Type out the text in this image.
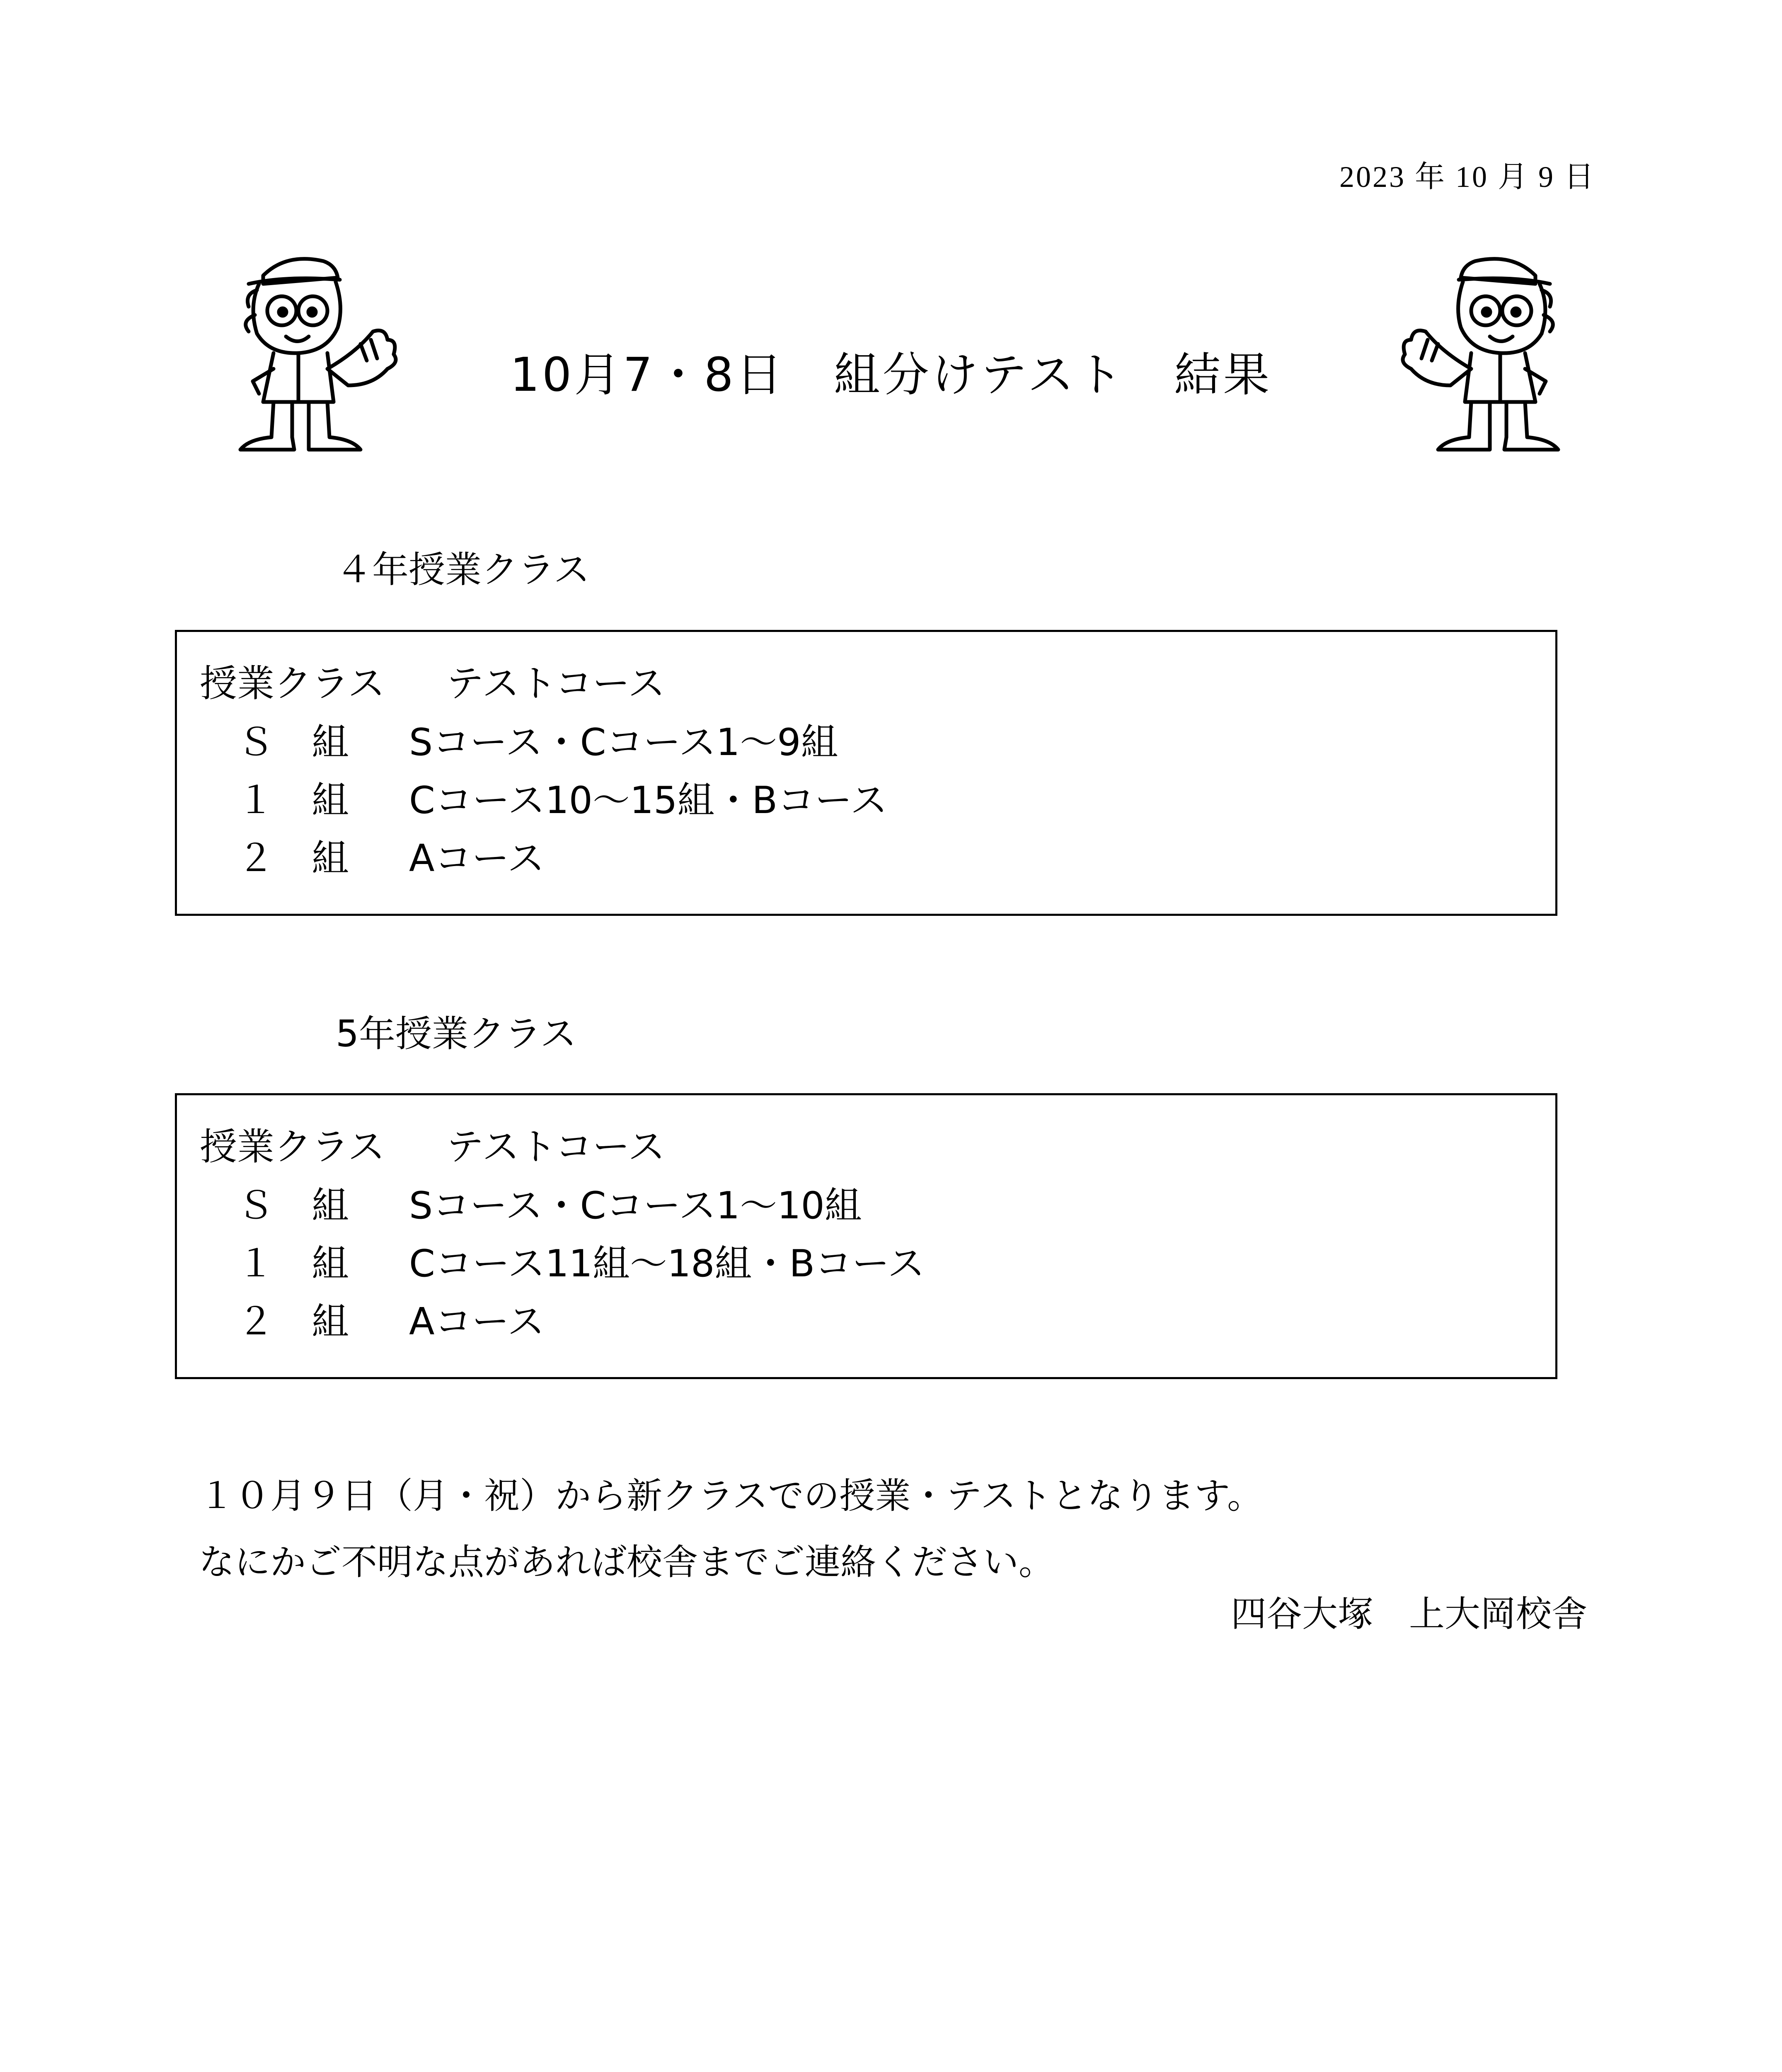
2023 年 10 月 9 日
10月7・8日　組分けテスト　結果
４年授業クラス
授業クラス テストコース
Ｓ　組	Sコース・Cコース1～9組
１　組	Cコース10～15組・Bコース
２　組	Aコース
5年授業クラス
授業クラス テストコース
Ｓ　組	Sコース・Cコース1～10組
１　組	Cコース11組～18組・Bコース
２　組	Aコース
１０月９日（月・祝）から新クラスでの授業・テストとなります。
なにかご不明な点があれば校舎までご連絡ください。
四谷大塚　上大岡校舎
